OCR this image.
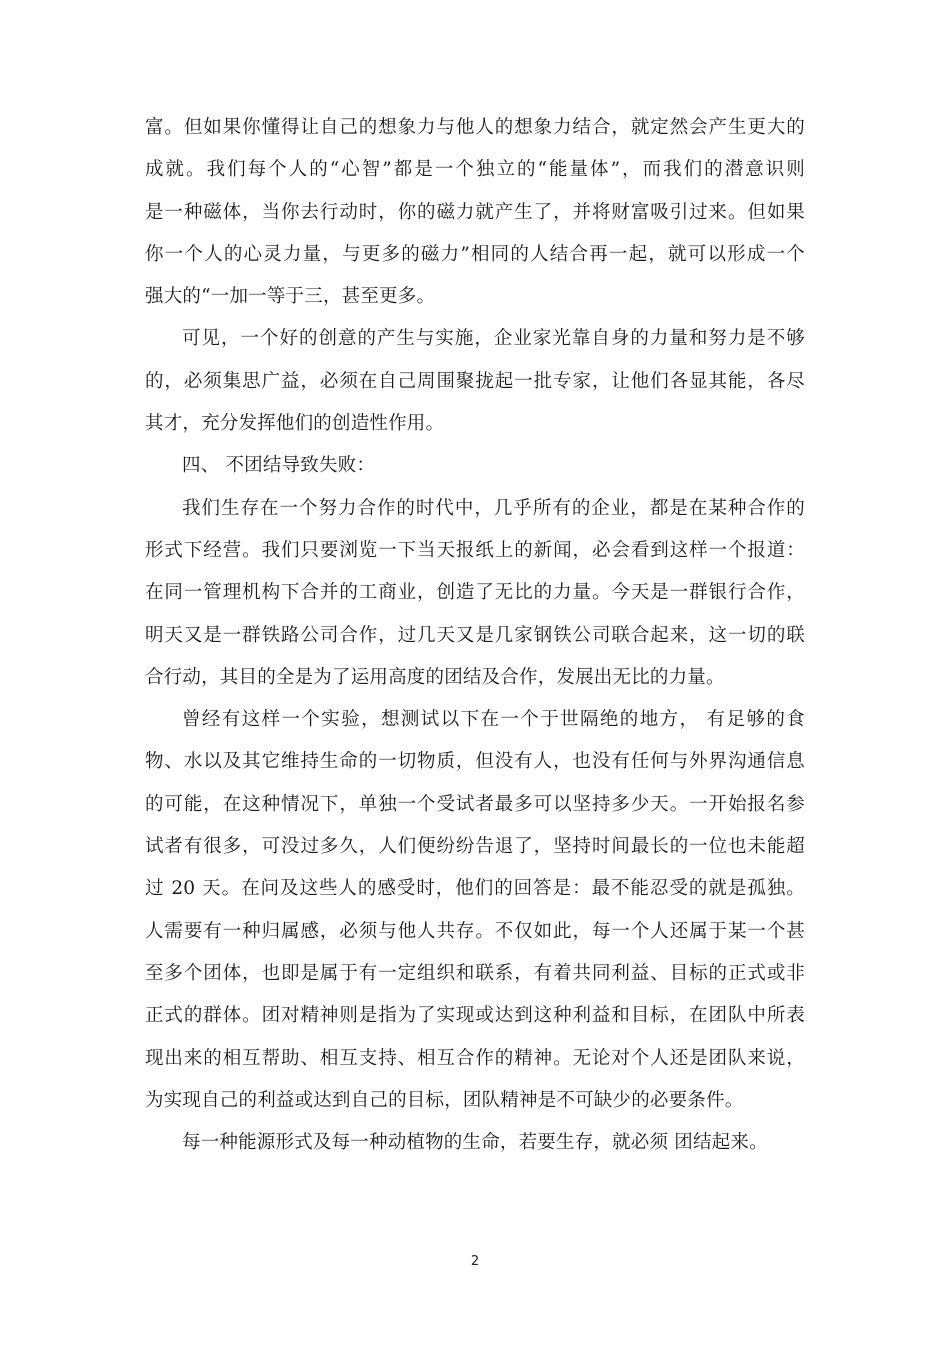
富。但如果你懂得让自己的想象力与他人的想象力结合，就定然会产生更大的
成就。我们每个人的“心智”都是一个独立的“能量体”，而我们的潜意识则
是一种磁体，当你去行动时，你的磁力就产生了，并将财富吸引过来。但如果
你一个人的心灵力量，与更多的磁力”相同的人结合再一起，就可以形成一个
强大的“一加一等于三，甚至更多。
可见，一个好的创意的产生与实施，企业家光靠自身的力量和努力是不够
的，必须集思广益，必须在自己周围聚拢起一批专家，让他们各显其能，各尽
其才，充分发挥他们的创造性作用。
四、 不团结导致失败：
我们生存在一个努力合作的时代中，几乎所有的企业，都是在某种合作的
形式下经营。我们只要浏览一下当天报纸上的新闻，必会看到这样一个报道：
在同一管理机构下合并的工商业，创造了无比的力量。今天是一群银行合作，
明天又是一群铁路公司合作，过几天又是几家钢铁公司联合起来，这一切的联
合行动，其目的全是为了运用高度的团结及合作，发展出无比的力量。
曾经有这样一个实验，想测试以下在一个于世隔绝的地方， 有足够的食
物、水以及其它维持生命的一切物质，但没有人，也没有任何与外界沟通信息
的可能，在这种情况下，单独一个受试者最多可以坚持多少天。一开始报名参
试者有很多，可没过多久，人们便纷纷告退了，坚持时间最长的一位也未能超
过 20 天。在问及这些人的感受时，他们的回答是：最不能忍受的就是孤独。
人需要有一种归属感，必须与他人共存。不仅如此，每一个人还属于某一个甚
至多个团体，也即是属于有一定组织和联系，有着共同利益、目标的正式或非
正式的群体。团对精神则是指为了实现或达到这种利益和目标，在团队中所表
现出来的相互帮助、相互支持、相互合作的精神。无论对个人还是团队来说，
为实现自己的利益或达到自己的目标，团队精神是不可缺少的必要条件。
每一种能源形式及每一种动植物的生命，若要生存，就必须 团结起来。
2
